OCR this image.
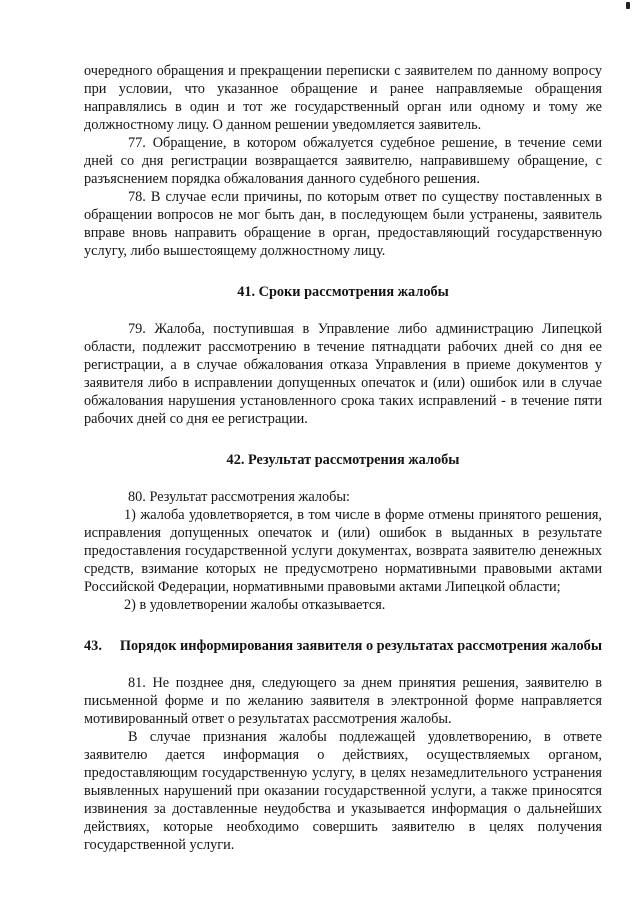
очередного обращения и прекращении переписки с заявителем по данному вопросу при условии, что указанное обращение и ранее направляемые обращения направлялись в один и тот же государственный орган или одному и тому же должностному лицу. О данном решении уведомляется заявитель.

77. Обращение, в котором обжалуется судебное решение, в течение семи дней со дня регистрации возвращается заявителю, направившему обращение, с разъяснением порядка обжалования данного судебного решения.

78. В случае если причины, по которым ответ по существу поставленных в обращении вопросов не мог быть дан, в последующем были устранены, заявитель вправе вновь направить обращение в орган, предоставляющий государственную услугу, либо вышестоящему должностному лицу.

41. Сроки рассмотрения жалобы

79. Жалоба, поступившая в Управление либо администрацию Липецкой области, подлежит рассмотрению в течение пятнадцати рабочих дней со дня ее регистрации, а в случае обжалования отказа Управления в приеме документов у заявителя либо в исправлении допущенных опечаток и (или) ошибок или в случае обжалования нарушения установленного срока таких исправлений - в течение пяти рабочих дней со дня ее регистрации.

42. Результат рассмотрения жалобы

80. Результат рассмотрения жалобы:

1) жалоба удовлетворяется, в том числе в форме отмены принятого решения, исправления допущенных опечаток и (или) ошибок в выданных в результате предоставления государственной услуги документах, возврата заявителю денежных средств, взимание которых не предусмотрено нормативными правовыми актами Российской Федерации, нормативными правовыми актами Липецкой области;

2) в удовлетворении жалобы отказывается.

43. Порядок информирования заявителя о результатах рассмотрения жалобы

81. Не позднее дня, следующего за днем принятия решения, заявителю в письменной форме и по желанию заявителя в электронной форме направляется мотивированный ответ о результатах рассмотрения жалобы.

В случае признания жалобы подлежащей удовлетворению, в ответе заявителю дается информация о действиях, осуществляемых органом, предоставляющим государственную услугу, в целях незамедлительного устранения выявленных нарушений при оказании государственной услуги, а также приносятся извинения за доставленные неудобства и указывается информация о дальнейших действиях, которые необходимо совершить заявителю в целях получения государственной услуги.
